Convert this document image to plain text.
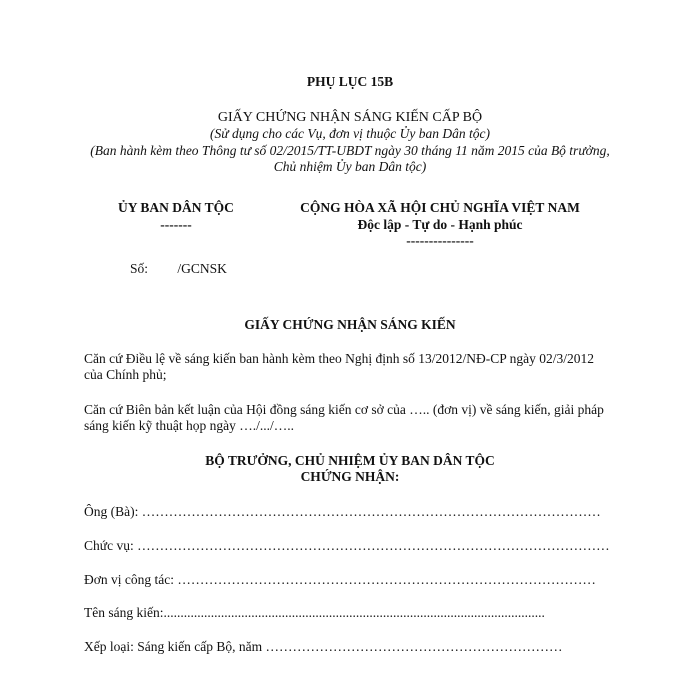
PHỤ LỤC 15B
GIẤY CHỨNG NHẬN SÁNG KIẾN CẤP BỘ
(Sử dụng cho các Vụ, đơn vị thuộc Ủy ban Dân tộc)
(Ban hành kèm theo Thông tư số 02/2015/TT-UBDT ngày 30 tháng 11 năm 2015 của Bộ trưởng,
Chủ nhiệm Ủy ban Dân tộc)
ỦY BAN DÂN TỘC
-------
CỘNG HÒA XÃ HỘI CHỦ NGHĨA VIỆT NAM
Độc lập - Tự do - Hạnh phúc
---------------
Số: /GCNSK
GIẤY CHỨNG NHẬN SÁNG KIẾN
Căn cứ Điều lệ về sáng kiến ban hành kèm theo Nghị định số 13/2012/NĐ-CP ngày 02/3/2012
của Chính phủ;
Căn cứ Biên bản kết luận của Hội đồng sáng kiến cơ sở của ….. (đơn vị) về sáng kiến, giải pháp
sáng kiến kỹ thuật họp ngày …./.../…..
BỘ TRƯỞNG, CHỦ NHIỆM ỦY BAN DÂN TỘC
CHỨNG NHẬN:
Ông (Bà): …………………………………………………………………………………………
Chức vụ: ……………………………………………………………………………………………
Đơn vị công tác: …………………………………………………………………………………
Tên sáng kiến:.................................................................................................................
Xếp loại: Sáng kiến cấp Bộ, năm …………………………………………………………
